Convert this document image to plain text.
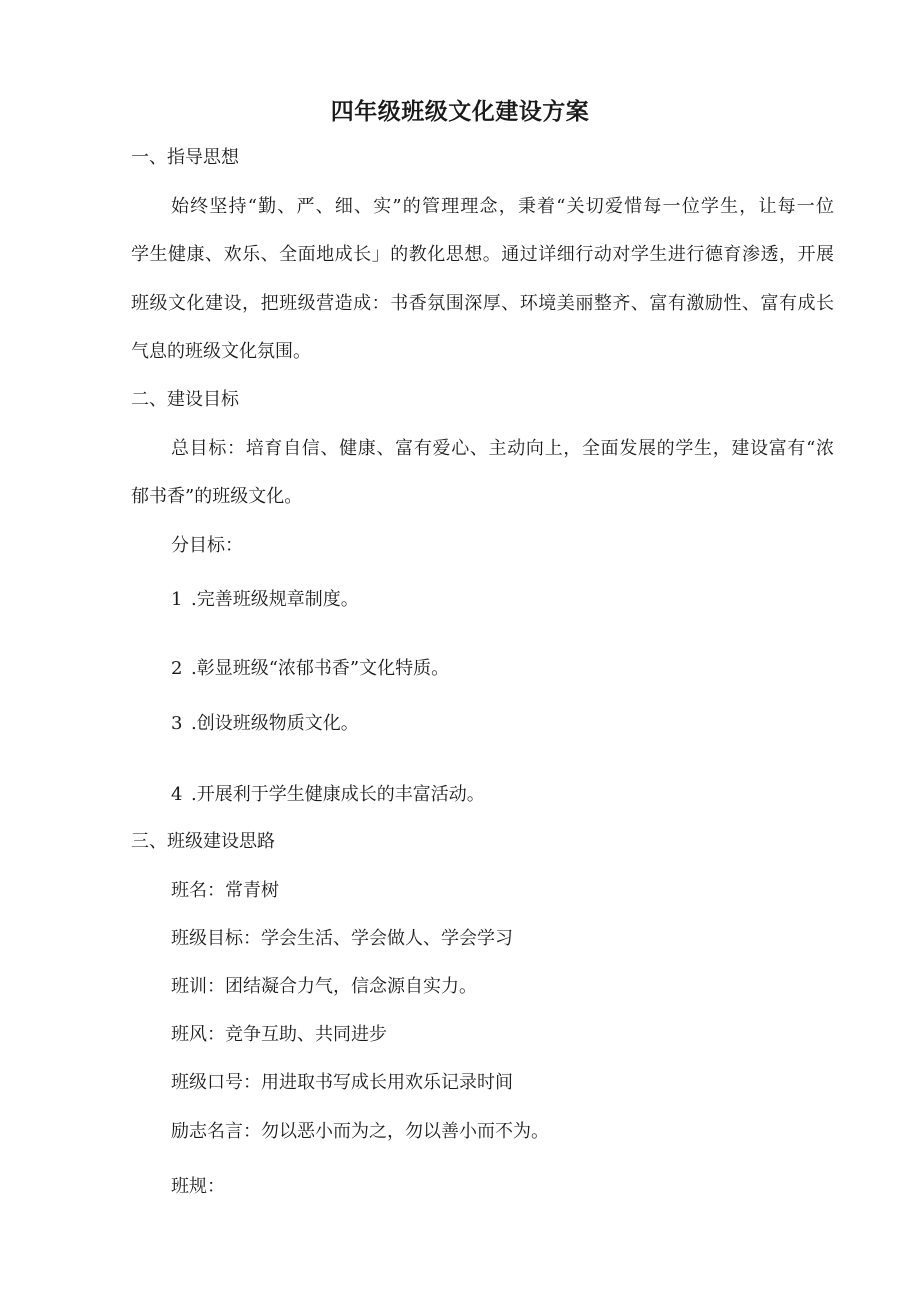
四年级班级文化建设方案
一、指导思想
始终坚持“勤、严、细、实”的管理理念，秉着“关切爱惜每一位学生，让每一位
学生健康、欢乐、全面地成长」的教化思想。通过详细行动对学生进行德育渗透，开展
班级文化建设，把班级营造成：书香氛围深厚、环境美丽整齐、富有激励性、富有成长
气息的班级文化氛围。
二、建设目标
总目标：培育自信、健康、富有爱心、主动向上，全面发展的学生，建设富有“浓
郁书香”的班级文化。
分目标：
1 .完善班级规章制度。
2 .彰显班级“浓郁书香”文化特质。
3 .创设班级物质文化。
4 .开展利于学生健康成长的丰富活动。
三、班级建设思路
班名：常青树
班级目标：学会生活、学会做人、学会学习
班训：团结凝合力气，信念源自实力。
班风：竞争互助、共同进步
班级口号：用进取书写成长用欢乐记录时间
励志名言：勿以恶小而为之，勿以善小而不为。
班规：
